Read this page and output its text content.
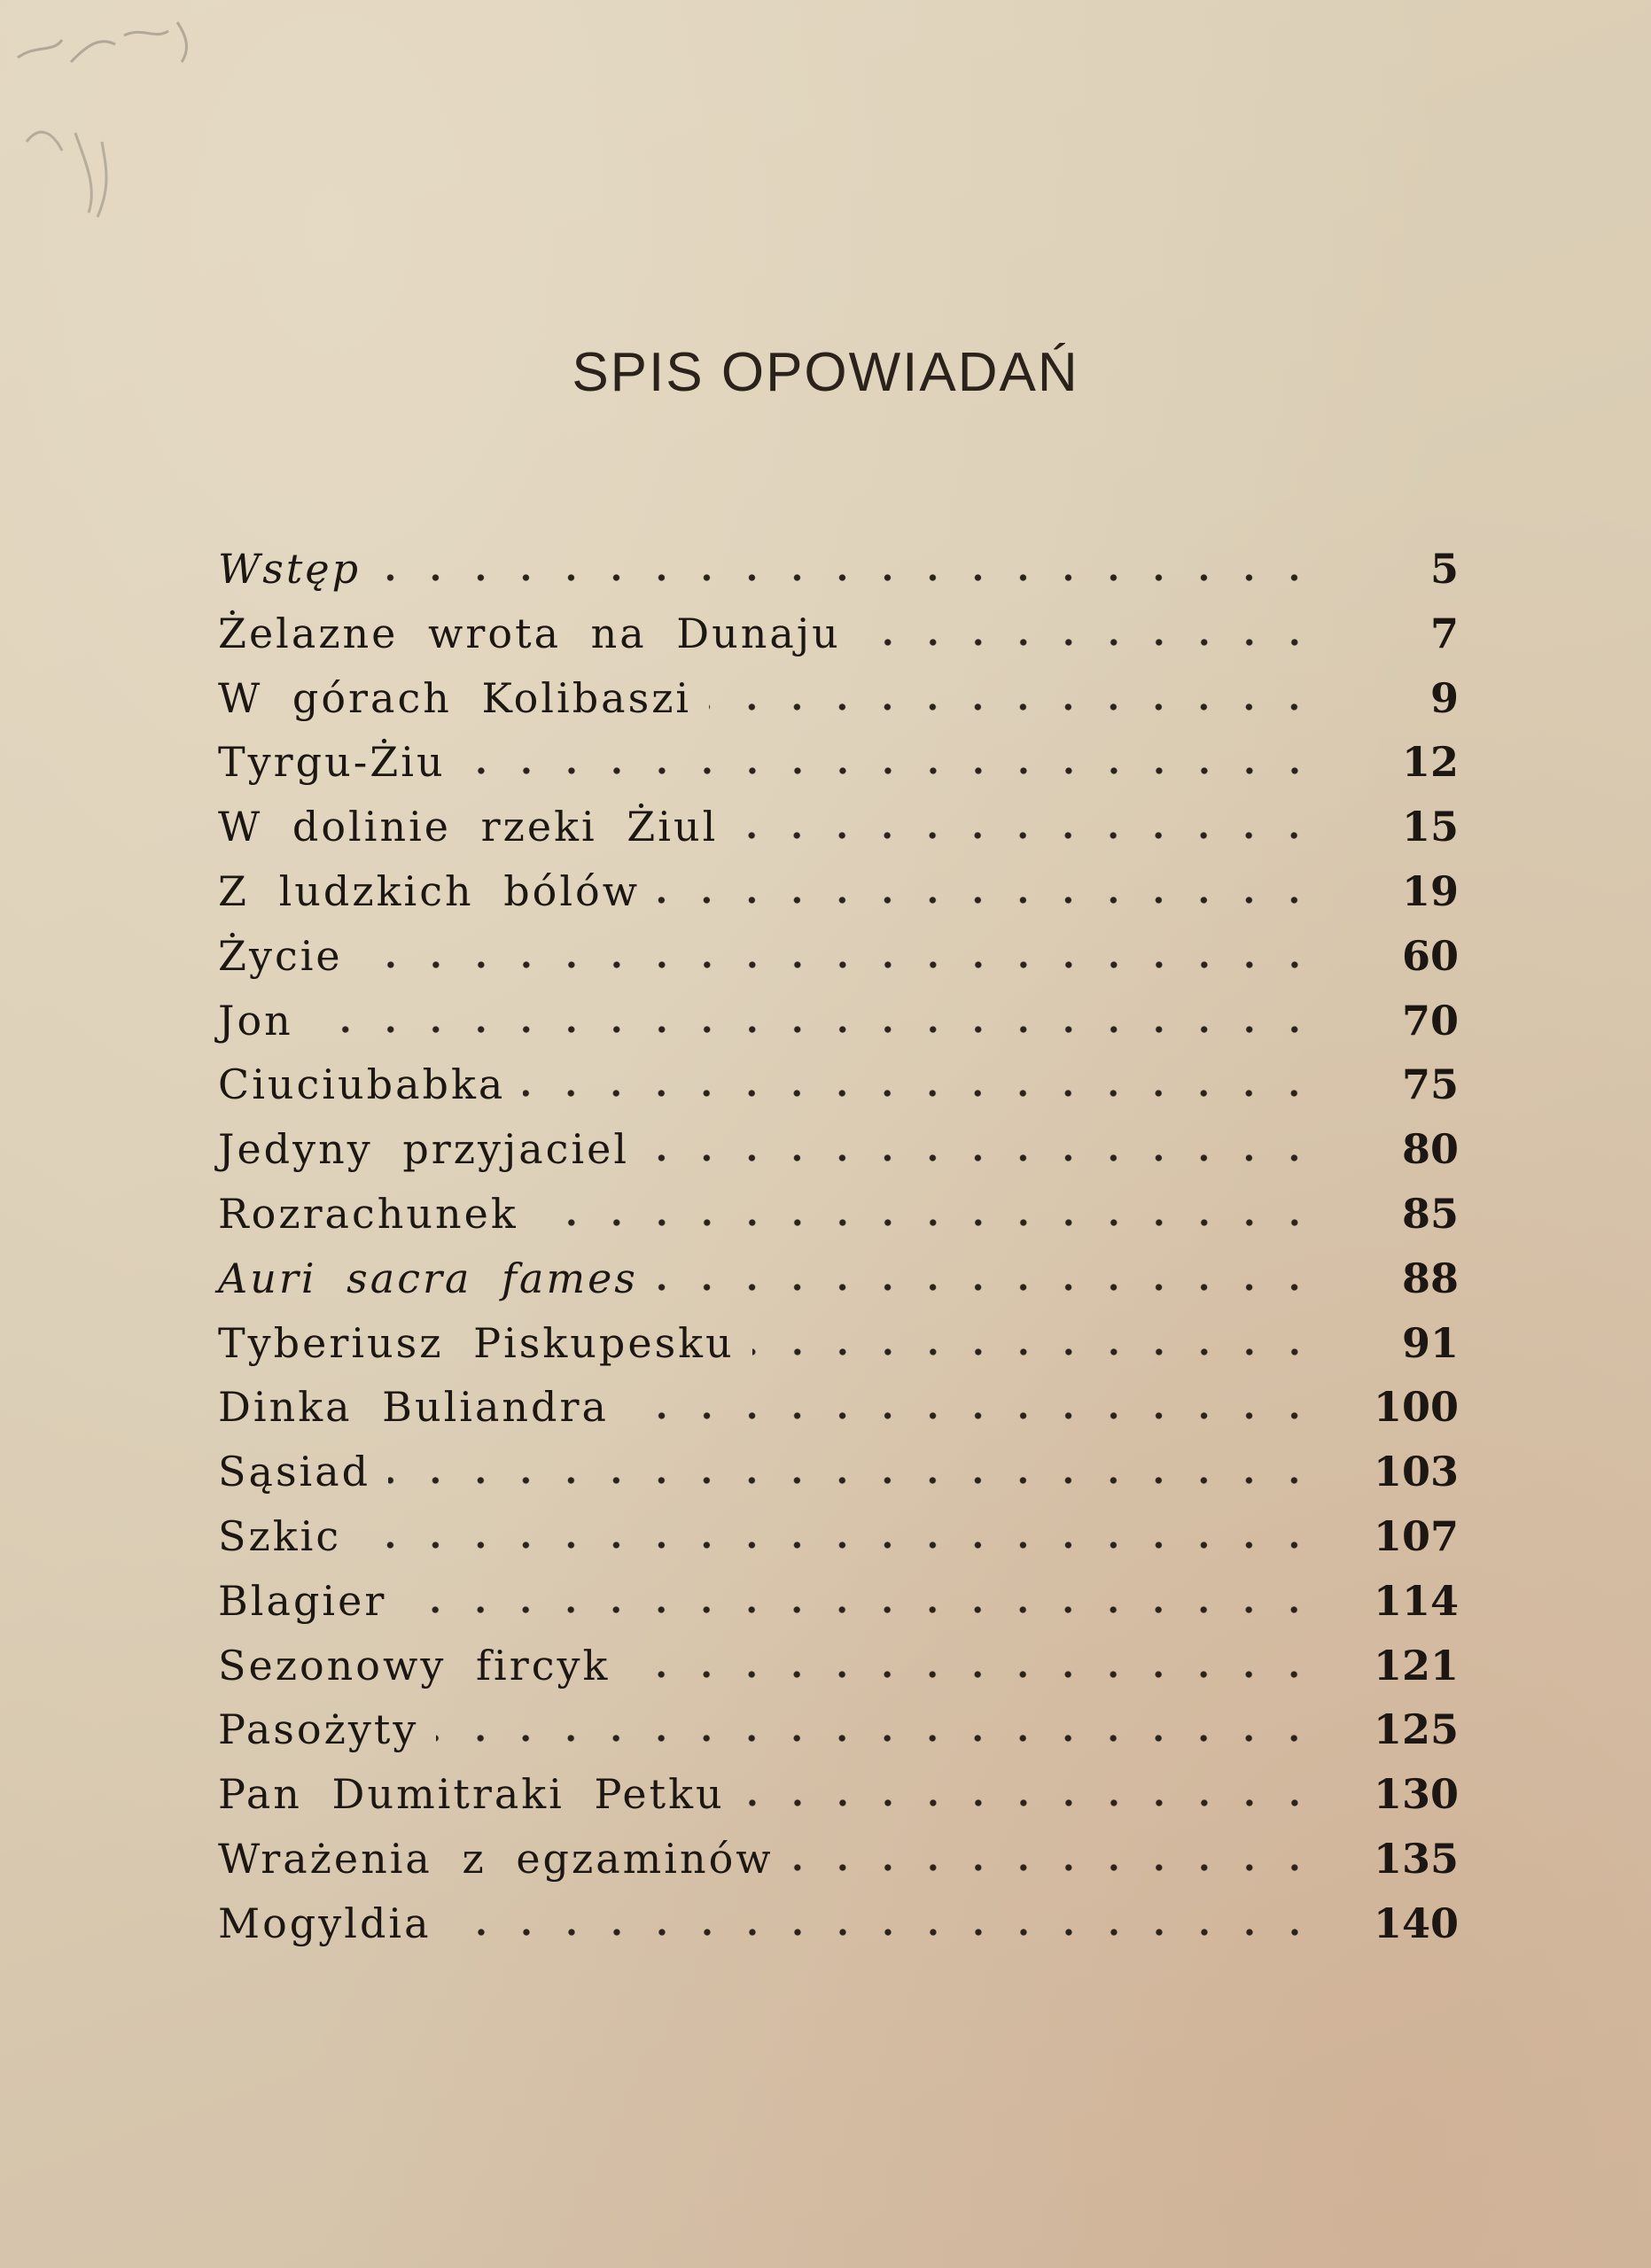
SPIS OPOWIADAŃ
Wstęp	5
Żelazne wrota na Dunaju	7
W górach Kolibaszi	9
Tyrgu-Żiu	12
W dolinie rzeki Żiul	15
Z ludzkich bólów	19
Życie	60
Jon	70
Ciuciubabka	75
Jedyny przyjaciel	80
Rozrachunek	85
Auri sacra fames	88
Tyberiusz Piskupesku	91
Dinka Buliandra	100
Sąsiad	103
Szkic	107
Blagier	114
Sezonowy fircyk	121
Pasożyty	125
Pan Dumitraki Petku	130
Wrażenia z egzaminów	135
Mogyldia	140
